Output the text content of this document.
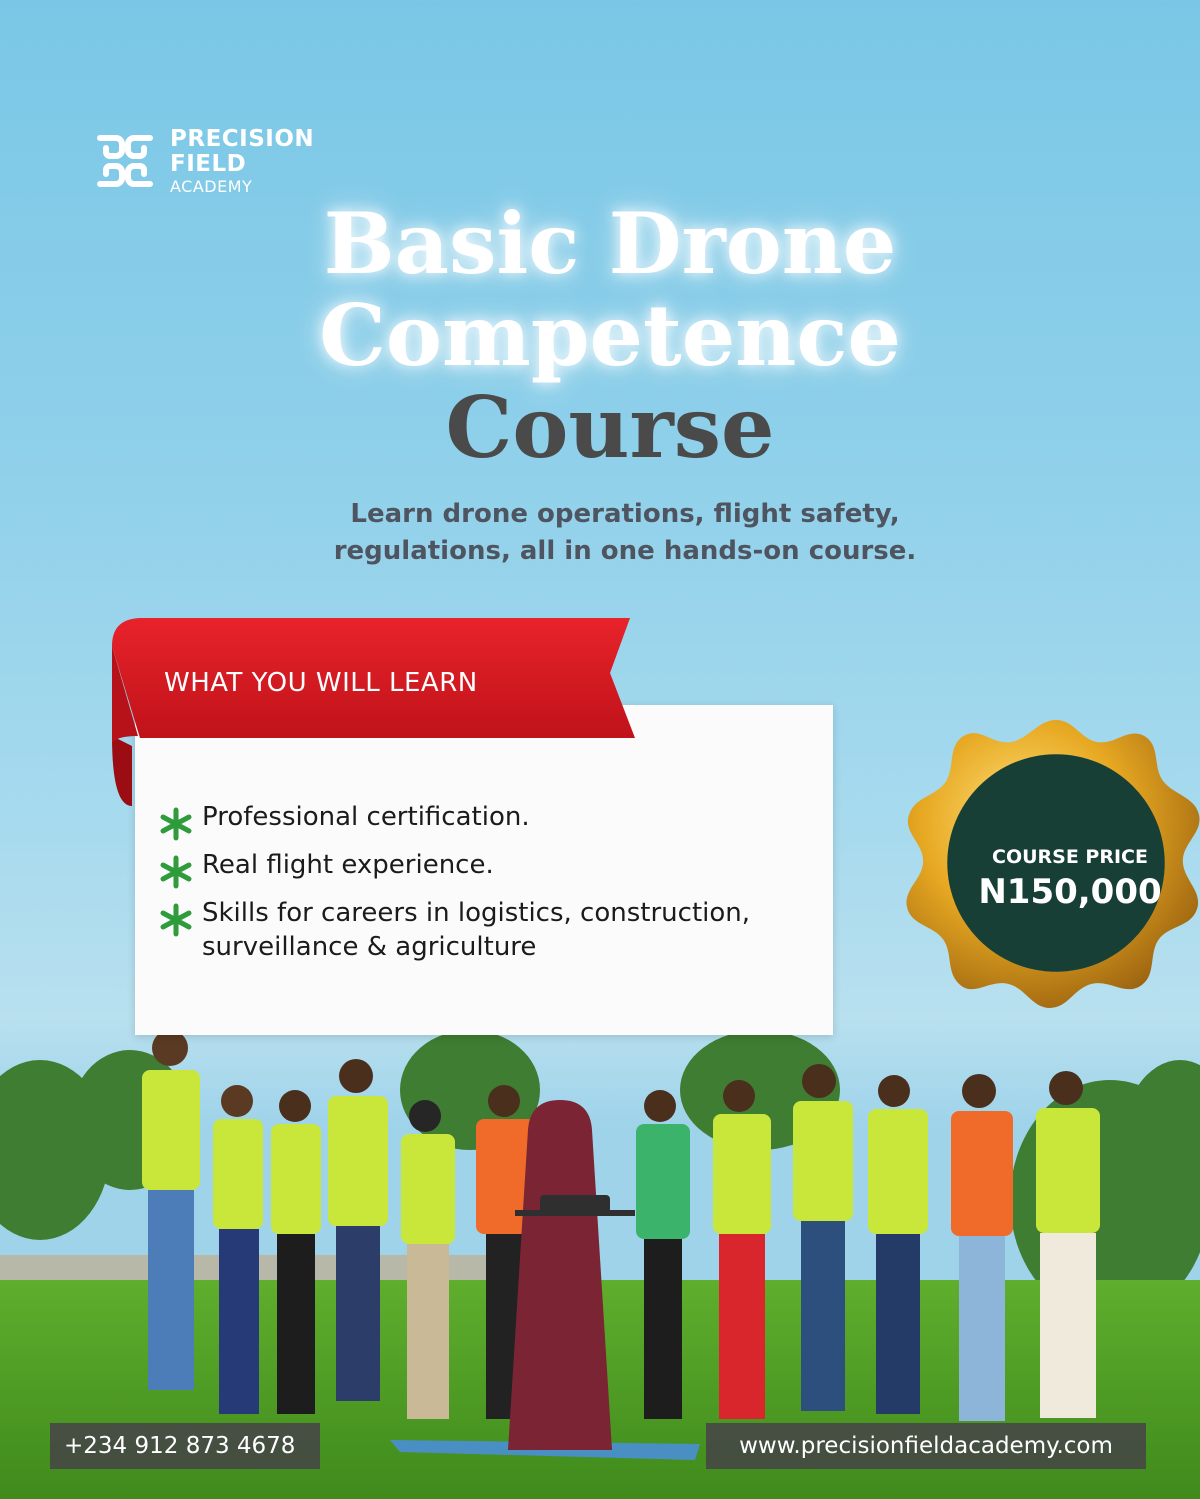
PRECISION
FIELD
ACADEMY
Basic Drone
Competence
Course
Learn drone operations, flight safety,
regulations, all in one hands-on course.
WHAT YOU WILL LEARN
Professional certification.
Real flight experience.
Skills for careers in logistics, construction, surveillance & agriculture
COURSE PRICE
N150,000
+234 912 873 4678	www.precisionfieldacademy.com
